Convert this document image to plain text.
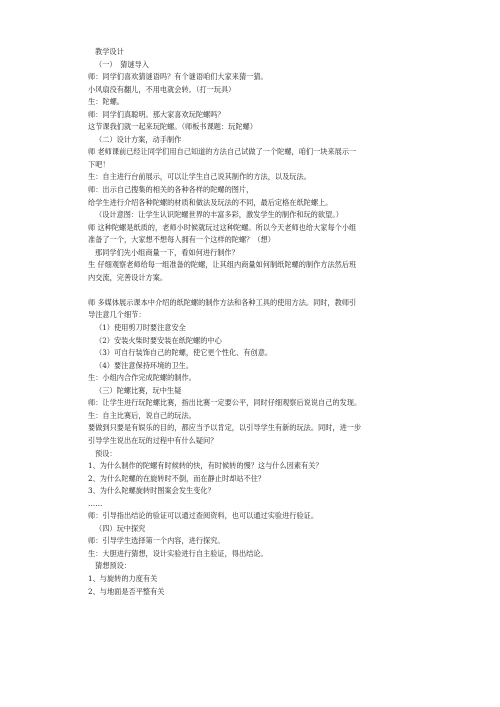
教学设计
（一）　猜谜导入
师：同学们喜欢猜谜语吗？有个谜语咱们大家来猜一猜。
小风扇没有翻儿，不用电就会转。（打一玩具）
生：陀螺。
师：同学们真聪明。那大家喜欢玩陀螺吗？
这节课我们就一起来玩陀螺。（师板书课题：玩陀螺）
（二）设计方案，动手制作
师 老师课前已经让同学们用自己知道的方法自己试做了一个陀螺，咱们一块来展示一
下吧！
生：自主进行台前展示，可以让学生自己说其制作的方法，以及玩法。
师：出示自己搜集的相关的各种各样的陀螺的图片，
给学生进行介绍各种陀螺的材质和做法及玩法的不同，最后定格在纸陀螺上。
（设计意图：让学生认识陀螺世界的丰富多彩，激发学生的制作和玩的欲望。）
师 这种陀螺是纸质的，老师小时候就玩过这种陀螺。所以今天老师也给大家每个小组
准备了一个，大家想不想每人拥有一个这样的陀螺？（想）
那同学们先小组商量一下，看如何进行制作？
生 仔细观察老师给每一组准备的陀螺，让其组内商量如何制纸陀螺的制作方法然后班
内交流，完善设计方案。
师 多媒体展示课本中介绍的纸陀螺的制作方法和各种工具的使用方法。同时，教师引
导注意几个细节：
（1）使用剪刀时要注意安全
（2）安装火柴时要安装在纸陀螺的中心
（3）可自行装饰自己的陀螺，使它更个性化、有创意。
（4）要注意保持环境的卫生。
生：小组内合作完成陀螺的制作。
（三）陀螺比赛，玩中生疑
师：让学生进行玩陀螺比赛，指出比赛一定要公平，同时仔细观察后说说自己的发现。
生：自主比赛后，说自己的玩法。
要做到只要是有娱乐的目的，都应当予以肯定，以引导学生有新的玩法。同时，进一步
引导学生说出在玩的过程中有什么疑问？
预设：
1、为什么制作的陀螺有时候转的快，有时候转的慢？这与什么因素有关？
2、为什么陀螺的在旋转时不倒，而在静止时却站不住？
3、为什么陀螺旋转时图案会发生变化？
……
师：引导指出结论的验证可以通过查阅资料，也可以通过实验进行验证。
（四）玩中探究
师：引导学生选择第一个内容，进行探究。
生：大胆进行猜想，设计实验进行自主验证，得出结论。
猜想预设：
1、与旋转的力度有关
2、与地面是否平整有关
